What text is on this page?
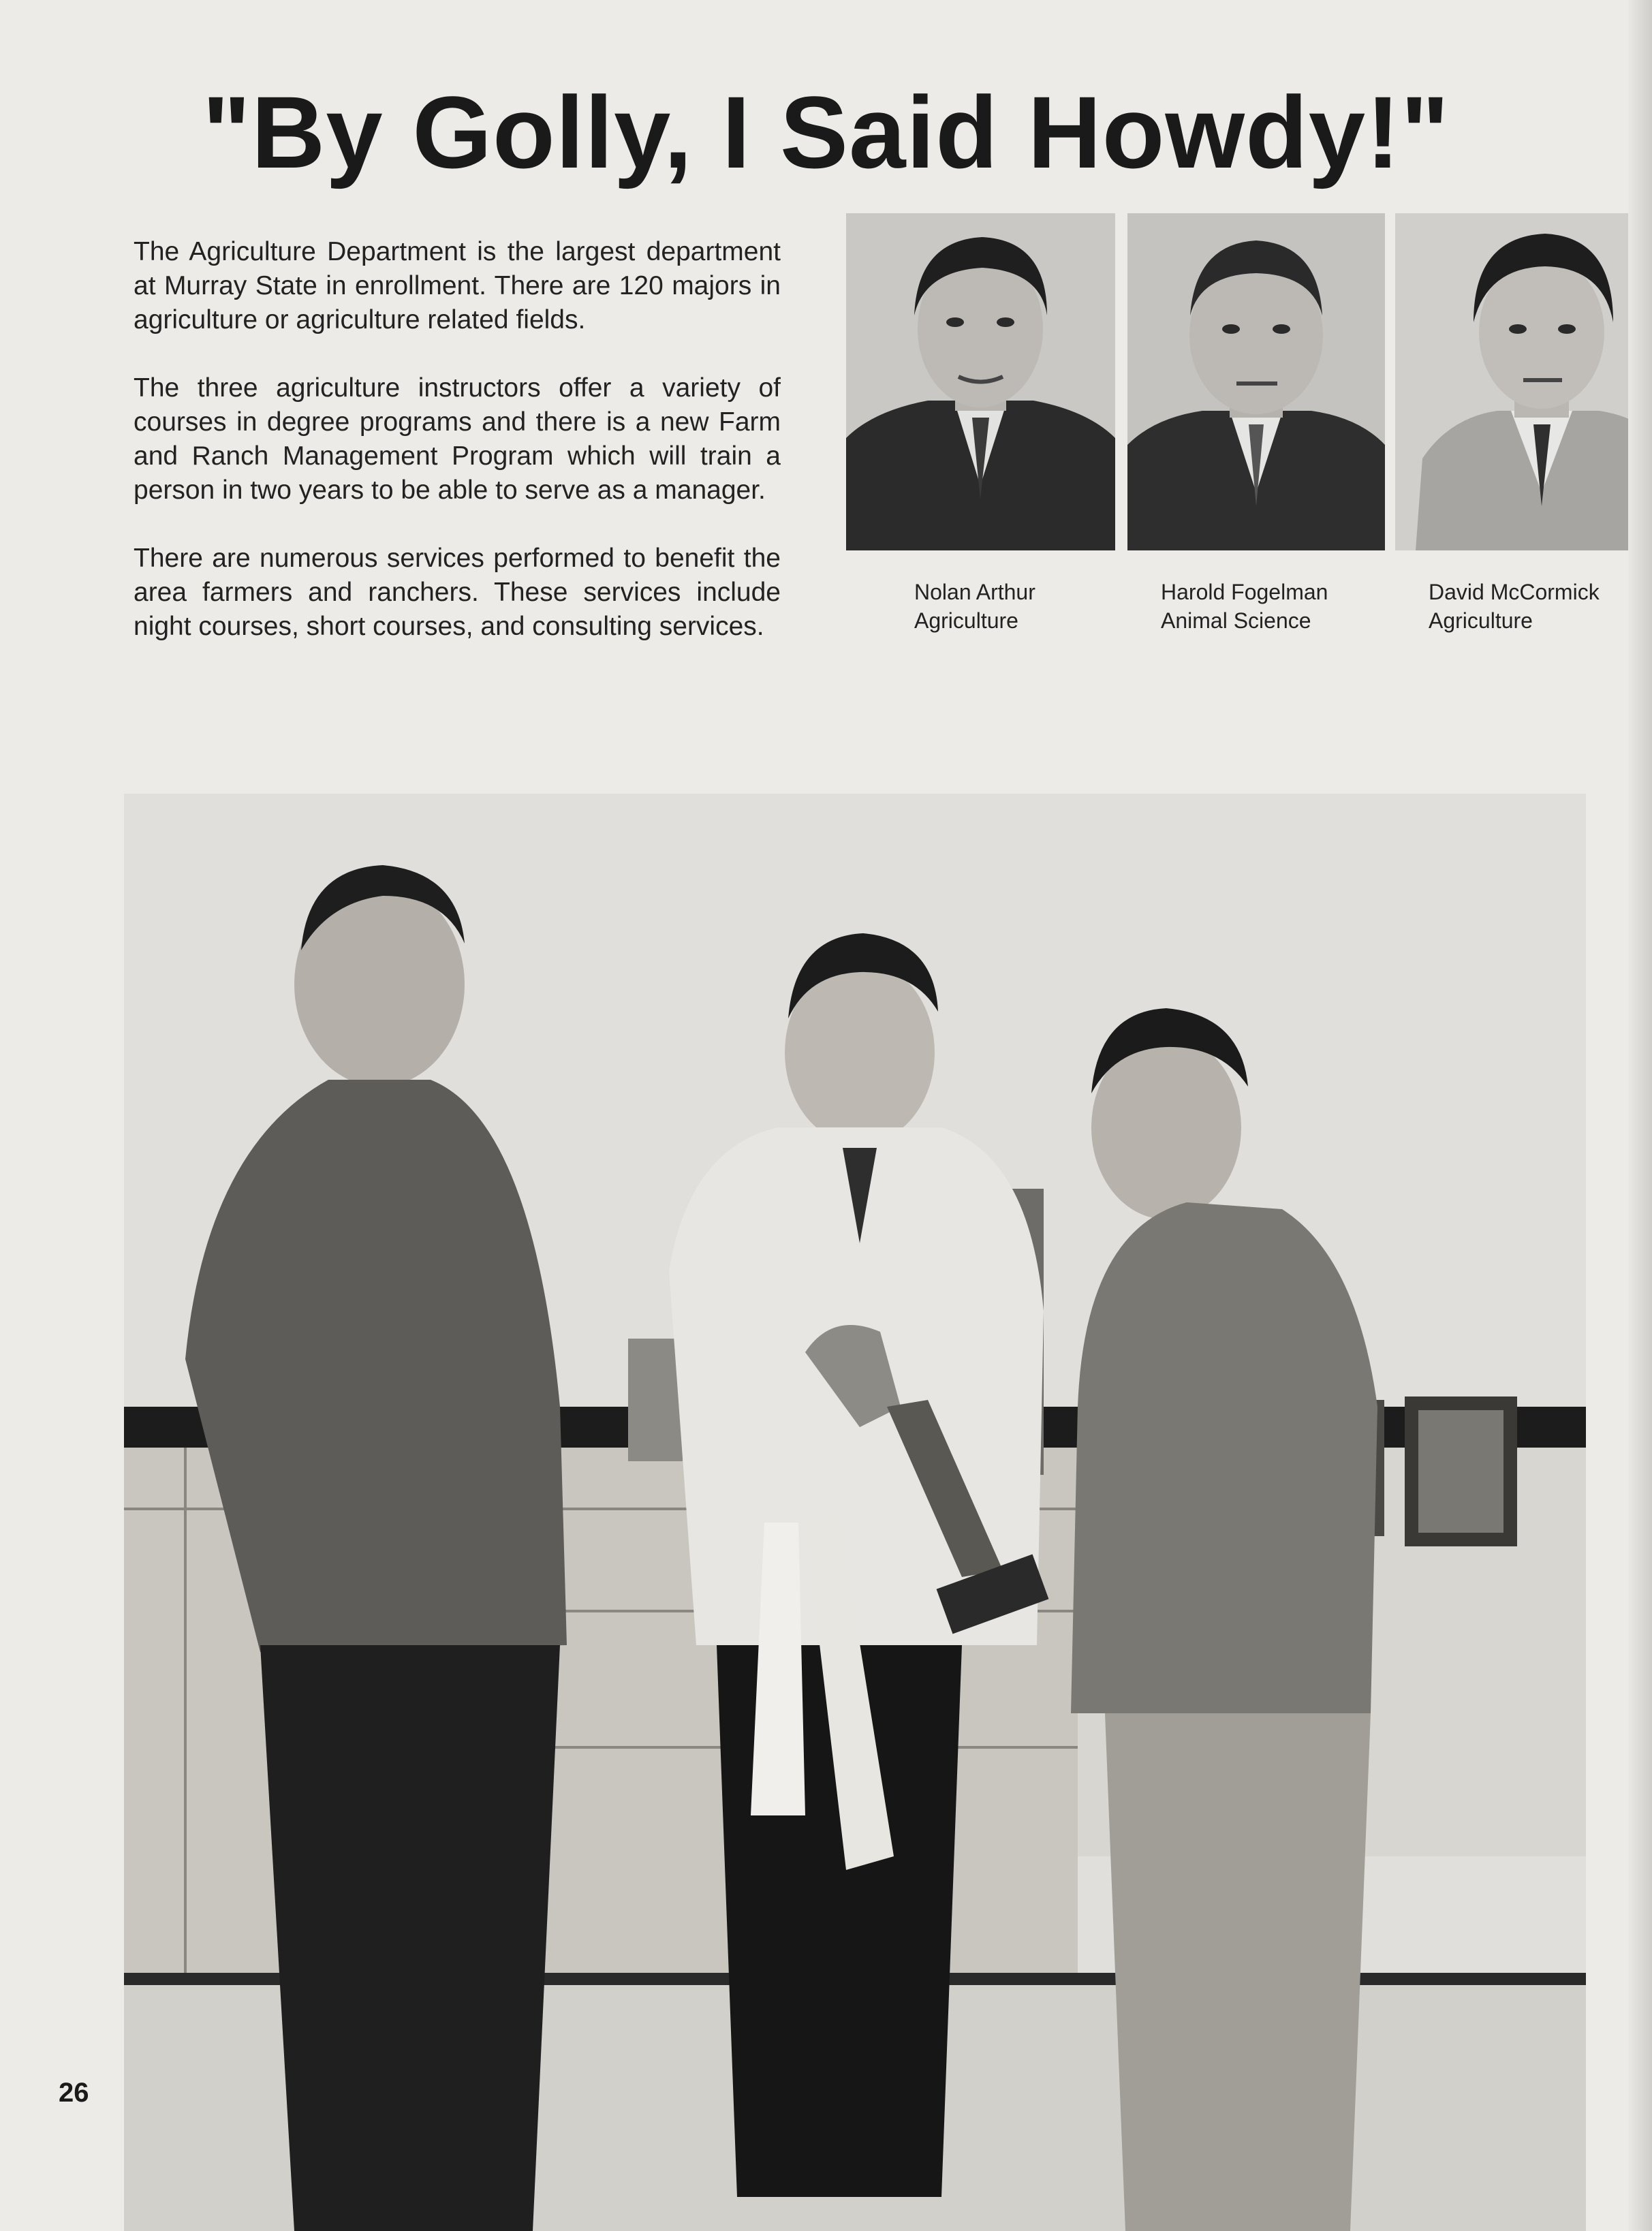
"By Golly, I Said Howdy!"

The Agriculture Department is the largest department at Murray State in enrollment. There are 120 majors in agriculture or agriculture related fields.

The three agriculture instructors offer a variety of courses in degree programs and there is a new Farm and Ranch Management Program which will train a person in two years to be able to serve as a manager.

There are numerous services performed to benefit the area farmers and ranchers. These services include night courses, short courses, and consulting services.

Nolan Arthur
Agriculture
Harold Fogelman
Animal Science
David McCormick
Agriculture
26
